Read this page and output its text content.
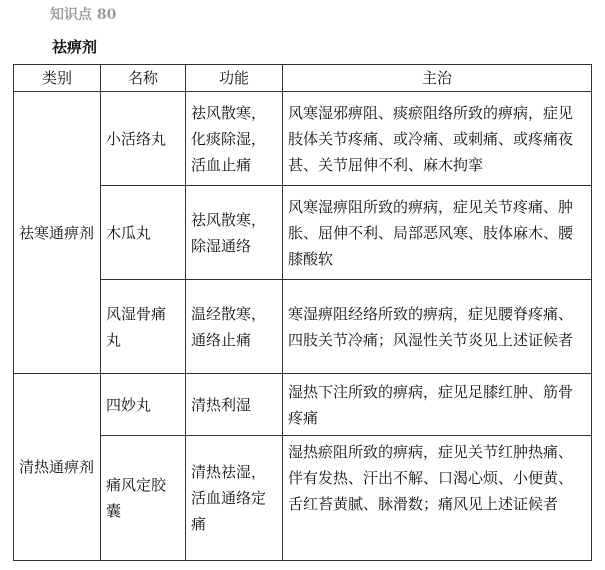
知识点 80
祛痹剂
类别	名称	功能	主治
祛寒通痹剂	小活络丸	祛风散寒，化痰除湿，活血止痛	风寒湿邪痹阻、痰瘀阻络所致的痹病，症见肢体关节疼痛、或冷痛、或刺痛、或疼痛夜甚、关节屈伸不利、麻木拘挛
	木瓜丸	祛风散寒，除湿通络	风寒湿痹阻所致的痹病，症见关节疼痛、肿胀、屈伸不利、局部恶风寒、肢体麻木、腰膝酸软
	风湿骨痛丸	温经散寒，通络止痛	寒湿痹阻经络所致的痹病，症见腰脊疼痛、四肢关节冷痛；风湿性关节炎见上述证候者
清热通痹剂	四妙丸	清热利湿	湿热下注所致的痹病，症见足膝红肿、筋骨疼痛
	痛风定胶囊	清热祛湿，活血通络定痛	湿热瘀阻所致的痹病，症见关节红肿热痛、伴有发热、汗出不解、口渴心烦、小便黄、舌红苔黄腻、脉滑数；痛风见上述证候者
